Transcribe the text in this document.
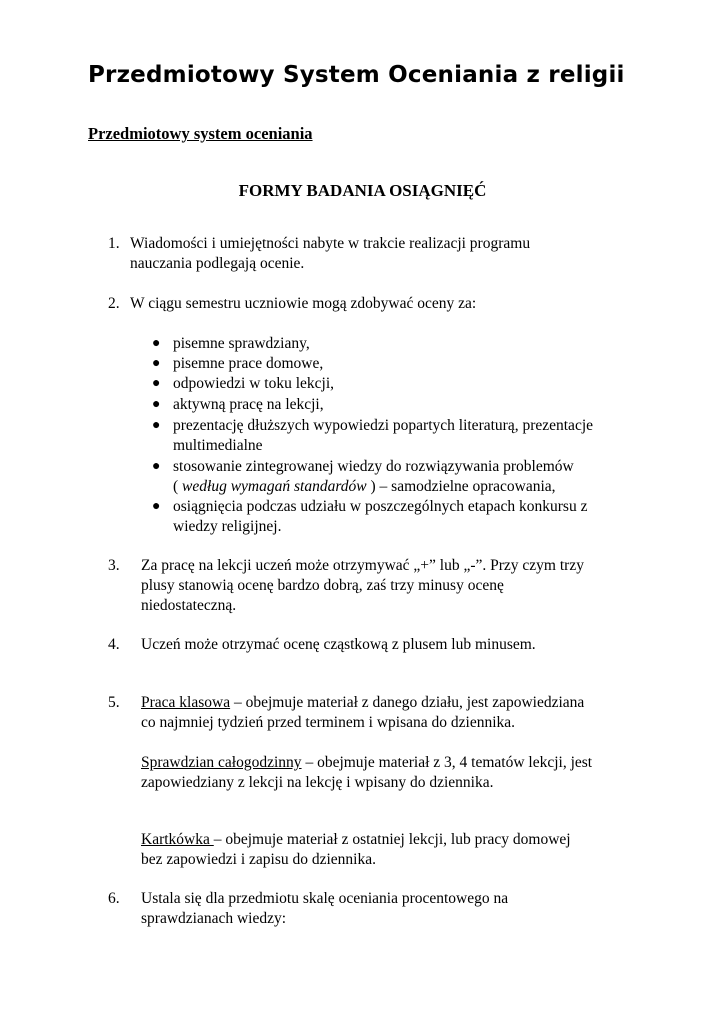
Przedmiotowy System Oceniania z religii
Przedmiotowy system oceniania
FORMY BADANIA OSIĄGNIĘĆ
1. Wiadomości i umiejętności nabyte w trakcie realizacji programu
nauczania podlegają ocenie.
2. W ciągu semestru uczniowie mogą zdobywać oceny za:
● pisemne sprawdziany,
● pisemne prace domowe,
● odpowiedzi w toku lekcji,
● aktywną pracę na lekcji,
● prezentację dłuższych wypowiedzi popartych literaturą, prezentacje
multimedialne
● stosowanie zintegrowanej wiedzy do rozwiązywania problemów
( według wymagań standardów ) – samodzielne opracowania,
● osiągnięcia podczas udziału w poszczególnych etapach konkursu z
wiedzy religijnej.
3. Za pracę na lekcji uczeń może otrzymywać „+” lub „-”. Przy czym trzy
plusy stanowią ocenę bardzo dobrą, zaś trzy minusy ocenę
niedostateczną.
4. Uczeń może otrzymać ocenę cząstkową z plusem lub minusem.
5. Praca klasowa – obejmuje materiał z danego działu, jest zapowiedziana
co najmniej tydzień przed terminem i wpisana do dziennika.
Sprawdzian całogodzinny – obejmuje materiał z 3, 4 tematów lekcji, jest
zapowiedziany z lekcji na lekcję i wpisany do dziennika.
Kartkówka – obejmuje materiał z ostatniej lekcji, lub pracy domowej
bez zapowiedzi i zapisu do dziennika.
6. Ustala się dla przedmiotu skalę oceniania procentowego na
sprawdzianach wiedzy:
